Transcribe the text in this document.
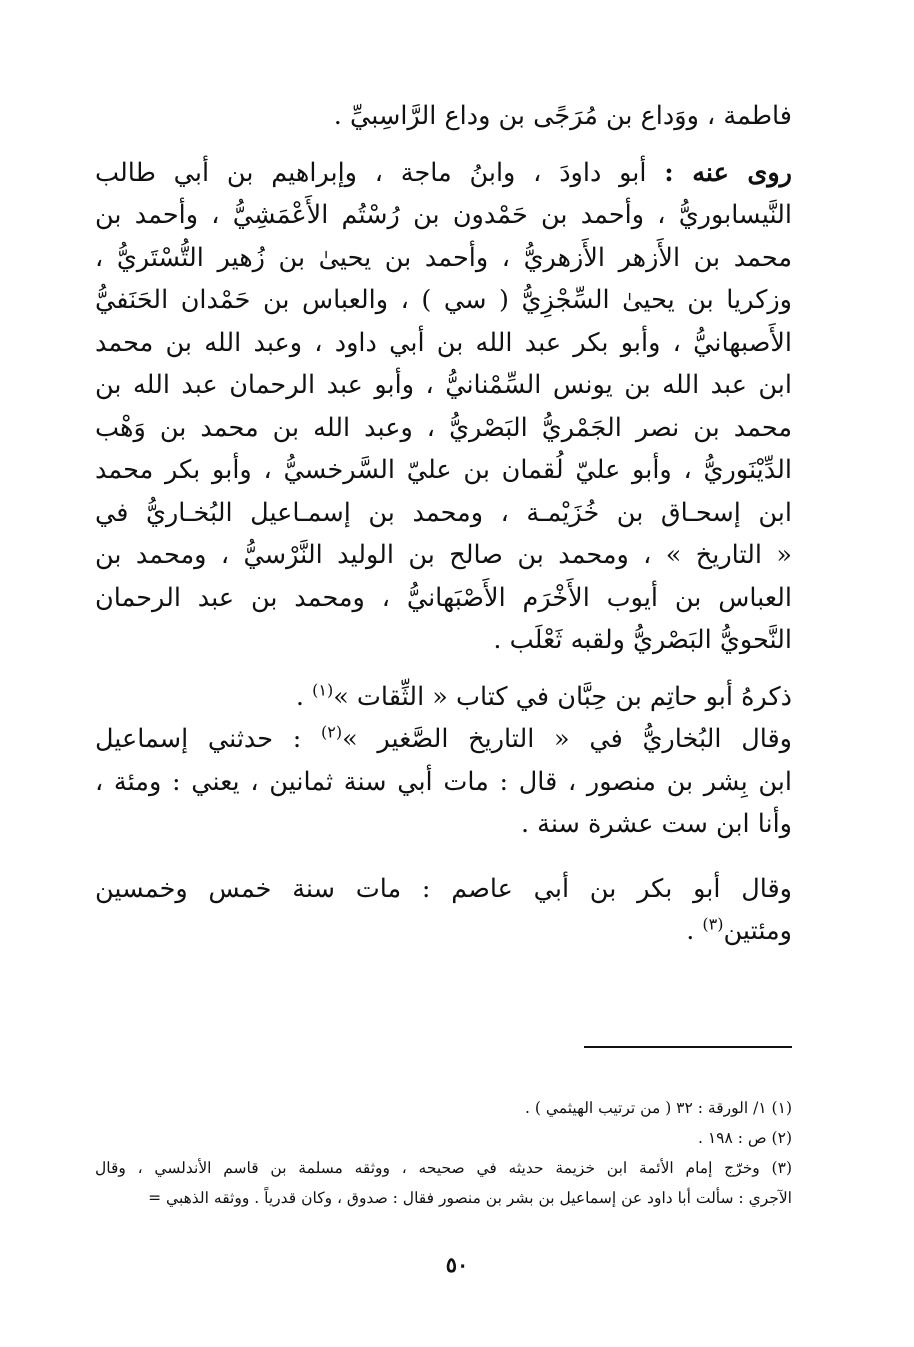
فاطمة ، ووَداع بن مُرَجًى بن وداع الرَّاسِبيِّ .

روى عنه : أبو داودَ ، وابنُ ماجة ، وإبراهيم بن أبي طالب
النَّيسابوريُّ ، وأحمد بن حَمْدون بن رُسْتُم الأَعْمَشِيُّ ، وأحمد بن
محمد بن الأَزهر الأَزهريُّ ، وأحمد بن يحيىٰ بن زُهير التُّسْتَريُّ ،
وزكريا بن يحيىٰ السِّجْزِيُّ ( سي ) ، والعباس بن حَمْدان الحَنَفيُّ
الأَصبهانيُّ ، وأبو بكر عبد الله بن أبي داود ، وعبد الله بن محمد
ابن عبد الله بن يونس السِّمْنانيُّ ، وأبو عبد الرحمان عبد الله بن
محمد بن نصر الجَمْريُّ البَصْريُّ ، وعبد الله بن محمد بن وَهْب
الدِّيْنَوريُّ ، وأبو عليّ لُقمان بن عليّ السَّرخسيُّ ، وأبو بكر محمد
ابن إسحـاق بن خُزَيْمـة ، ومحمد بن إسمـاعيل البُخـاريُّ في
« التاريخ » ، ومحمد بن صالح بن الوليد النَّرْسيُّ ، ومحمد بن
العباس بن أيوب الأَخْرَم الأَصْبَهانيُّ ، ومحمد بن عبد الرحمان
النَّحويُّ البَصْريُّ ولقبه ثَعْلَب .

ذكرهُ أبو حاتِم بن حِبَّان في كتاب « الثِّقات »$^{(١)}$ .

وقال البُخاريُّ في « التاريخ الصَّغير »$^{(٢)}$ : حدثني إسماعيل
ابن بِشر بن منصور ، قال : مات أبي سنة ثمانين ، يعني : ومئة ،
وأنا ابن ست عشرة سنة .

وقال أبو بكر بن أبي عاصم : مات سنة خمس وخمسين
ومئتين$^{(٣)}$ .

(١) ١/ الورقة : ٣٢ ( من ترتيب الهيثمي ) .
(٢) ص : ١٩٨ .
(٣) وخرّج إمام الأئمة ابن خزيمة حديثه في صحيحه ، ووثقه مسلمة بن قاسم الأندلسي ، وقال
الآجري : سألت أبا داود عن إسماعيل بن بشر بن منصور فقال : صدوق ، وكان قدرياً . ووثقه الذهبي =
٥٠
